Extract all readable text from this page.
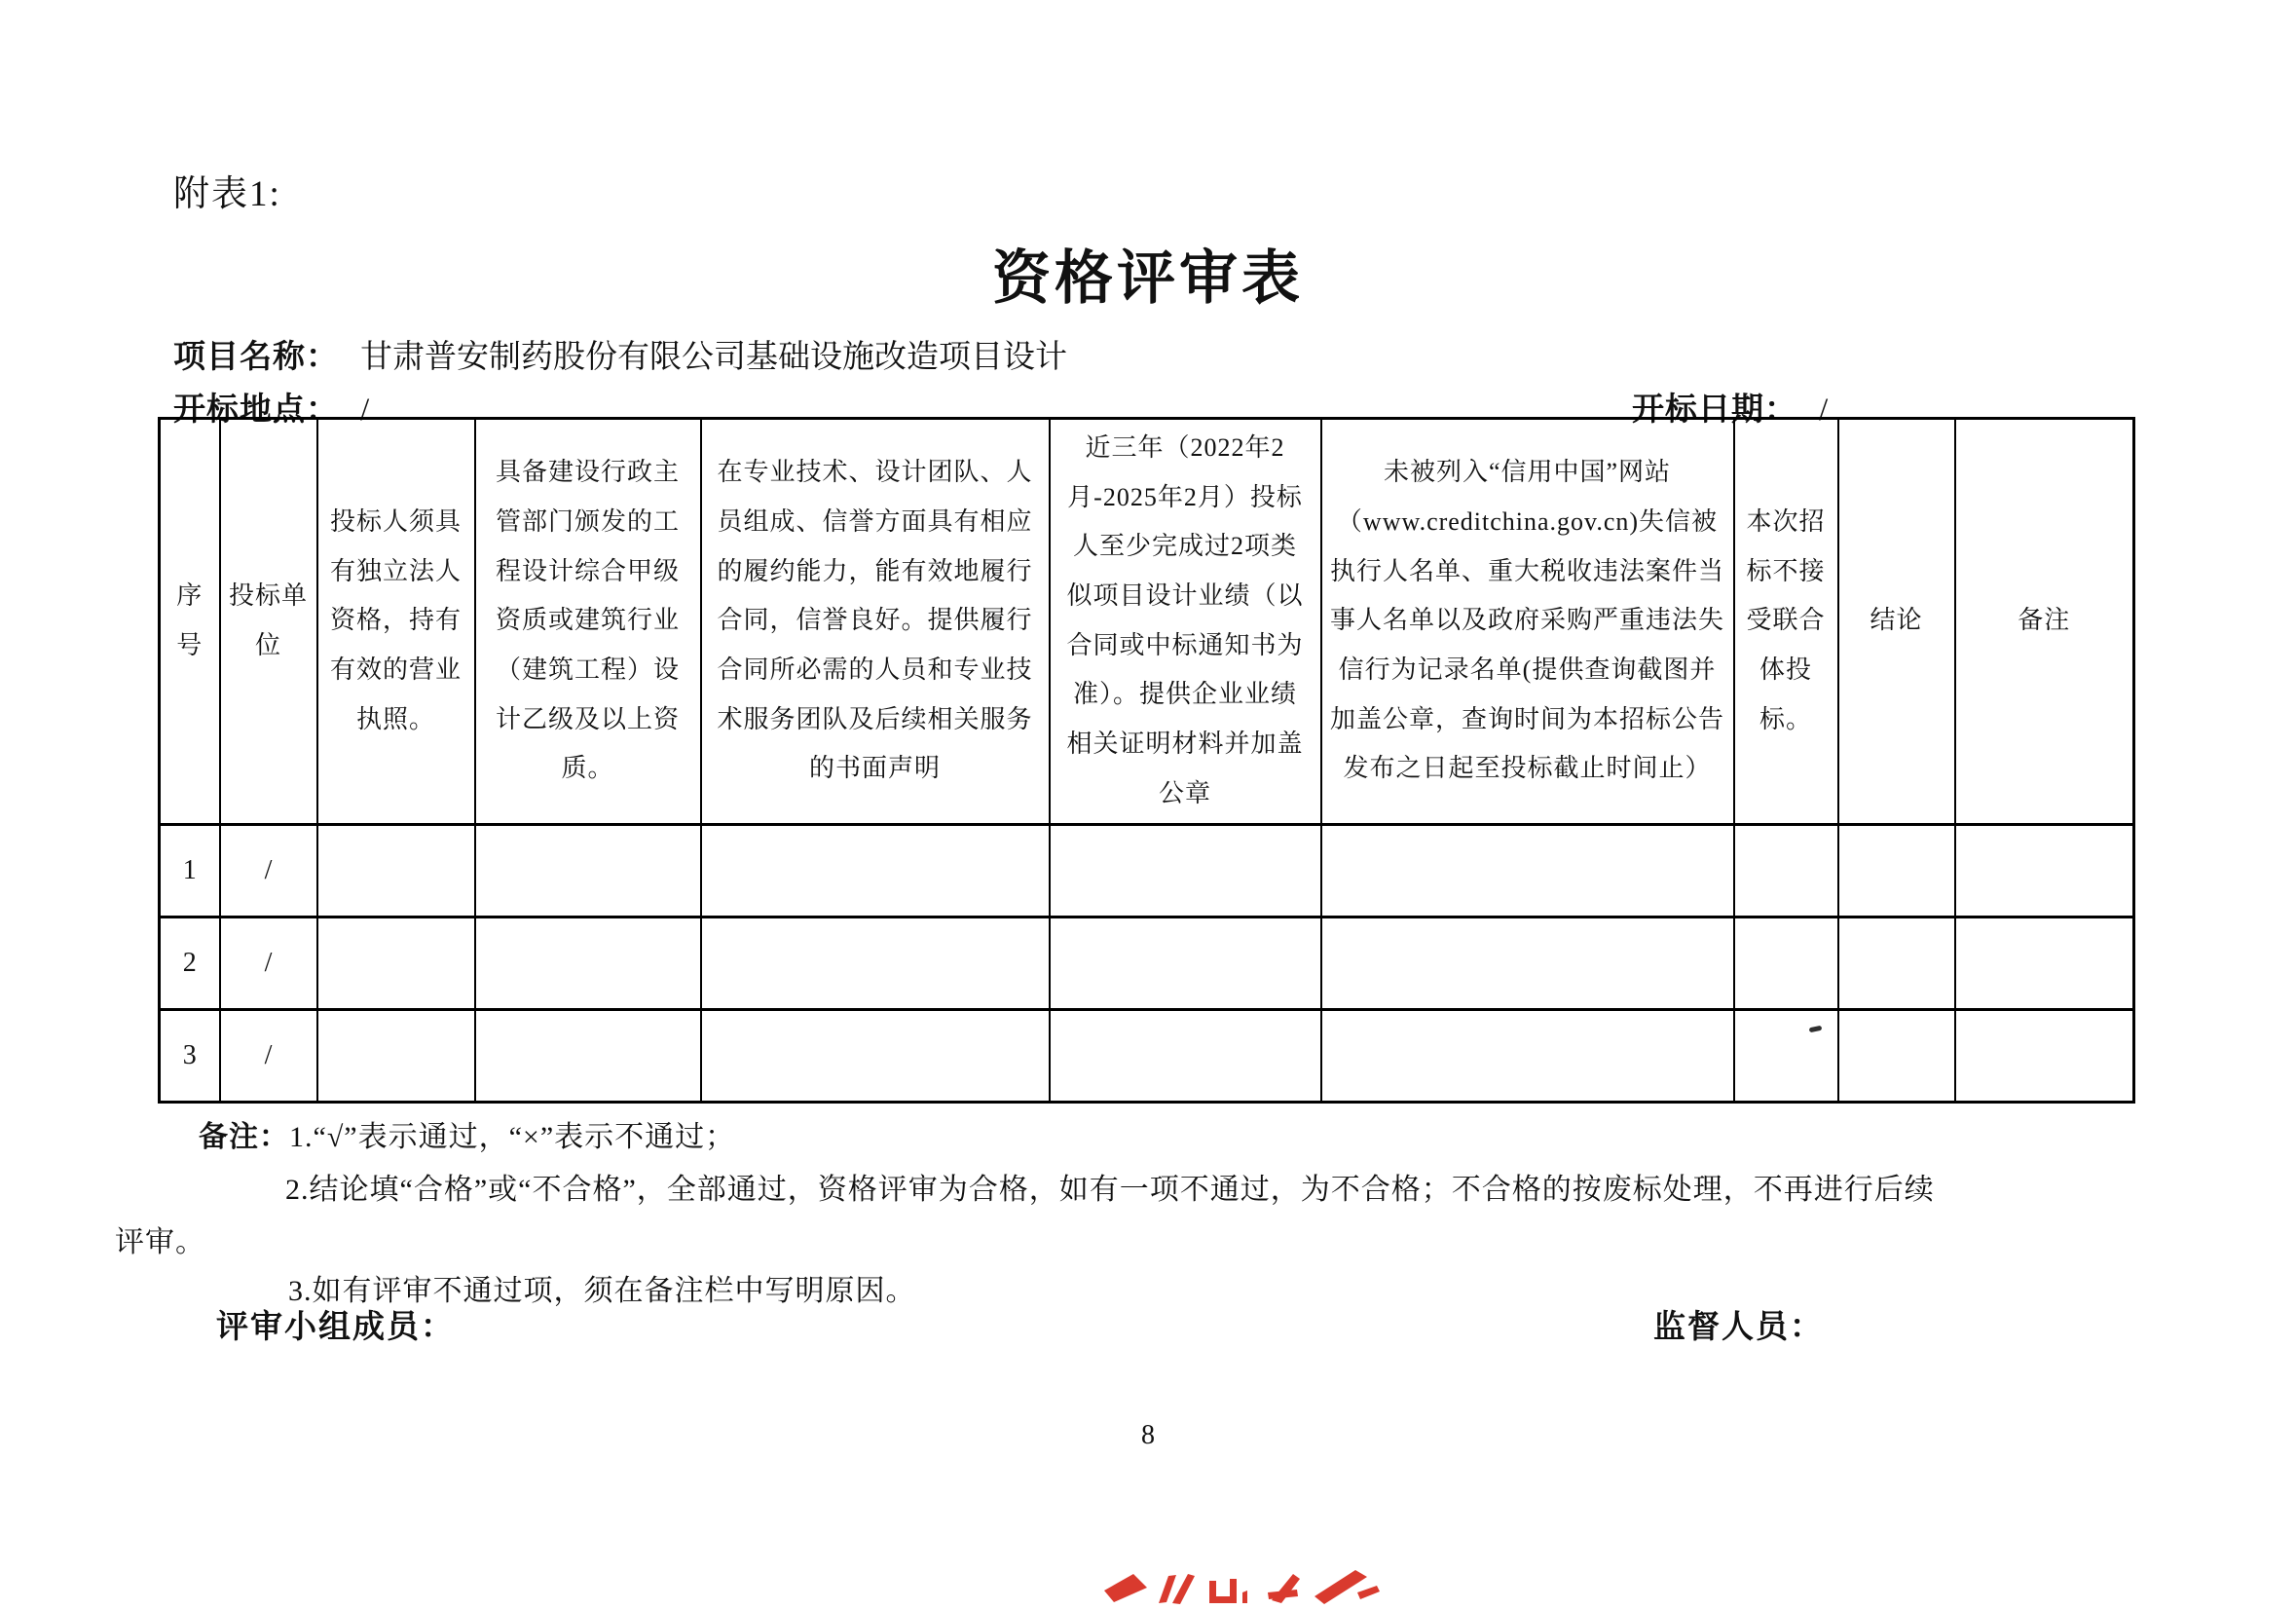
附表1:
资格评审表
项目名称： 甘肃普安制药股份有限公司基础设施改造项目设计
开标地点： /	开标日期： /
序号	投标单位	投标人须具有独立法人资格，持有有效的营业执照。	具备建设行政主管部门颁发的工程设计综合甲级资质或建筑行业（建筑工程）设计乙级及以上资质。	在专业技术、设计团队、人员组成、信誉方面具有相应的履约能力，能有效地履行合同，信誉良好。提供履行合同所必需的人员和专业技术服务团队及后续相关服务的书面声明	近三年（2022年2月-2025年2月）投标人至少完成过2项类似项目设计业绩（以合同或中标通知书为准）。提供企业业绩相关证明材料并加盖公章	未被列入“信用中国”网站（www.creditchina.gov.cn)失信被执行人名单、重大税收违法案件当事人名单以及政府采购严重违法失信行为记录名单(提供查询截图并加盖公章，查询时间为本招标公告发布之日起至投标截止时间止）	本次招标不接受联合体投标。	结论	备注
1	/								
2	/								
3	/								
备注：1.“√”表示通过，“×”表示不通过；
2.结论填“合格”或“不合格”，全部通过，资格评审为合格，如有一项不通过，为不合格；不合格的按废标处理，不再进行后续
评审。
3.如有评审不通过项，须在备注栏中写明原因。
评审小组成员：	监督人员：
8
